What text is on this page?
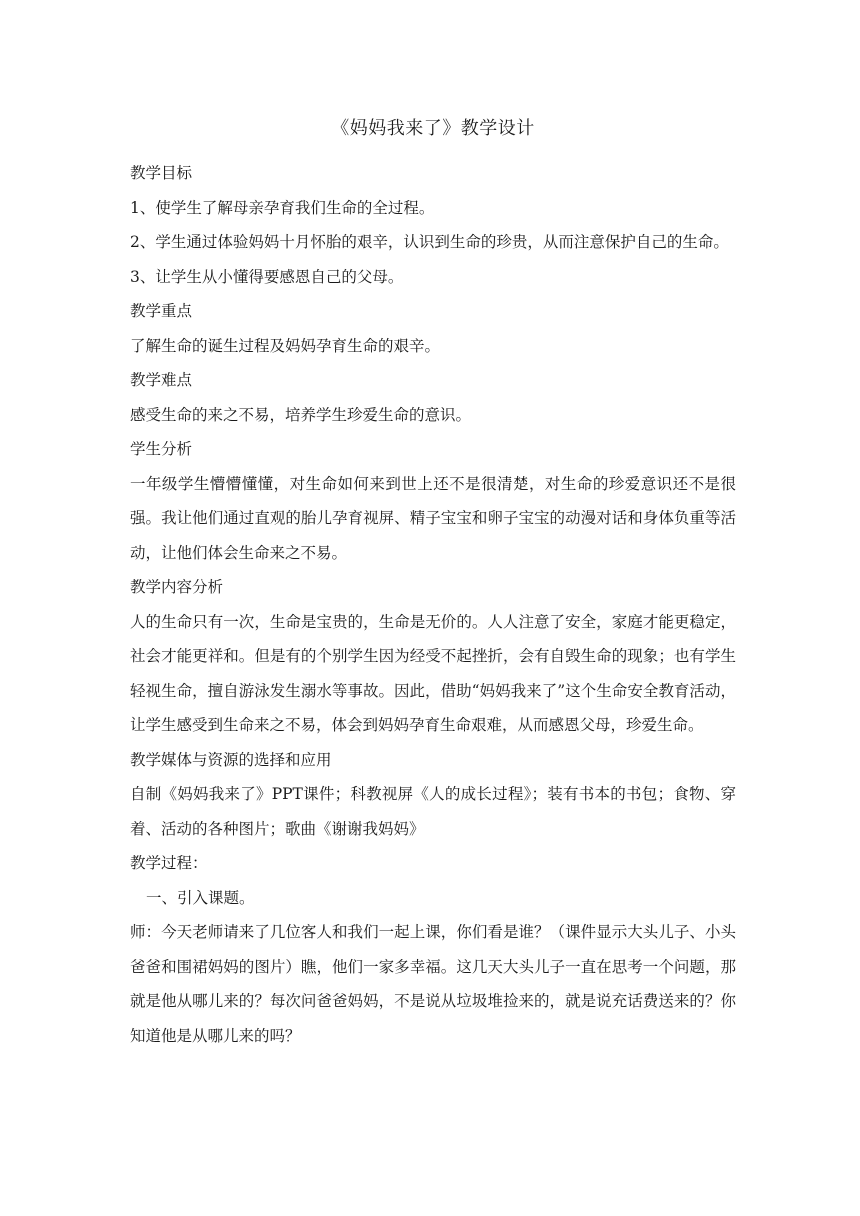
《妈妈我来了》教学设计

教学目标

1、使学生了解母亲孕育我们生命的全过程。

2、学生通过体验妈妈十月怀胎的艰辛，认识到生命的珍贵，从而注意保护自己的生命。

3、让学生从小懂得要感恩自己的父母。

教学重点

了解生命的诞生过程及妈妈孕育生命的艰辛。

教学难点

感受生命的来之不易，培养学生珍爱生命的意识。

学生分析

一年级学生懵懵懂懂，对生命如何来到世上还不是很清楚，对生命的珍爱意识还不是很强。我让他们通过直观的胎儿孕育视屏、精子宝宝和卵子宝宝的动漫对话和身体负重等活动，让他们体会生命来之不易。

教学内容分析

人的生命只有一次，生命是宝贵的，生命是无价的。人人注意了安全，家庭才能更稳定，社会才能更祥和。但是有的个别学生因为经受不起挫折，会有自毁生命的现象；也有学生轻视生命，擅自游泳发生溺水等事故。因此，借助“妈妈我来了”这个生命安全教育活动，让学生感受到生命来之不易，体会到妈妈孕育生命艰难，从而感恩父母，珍爱生命。

教学媒体与资源的选择和应用

自制《妈妈我来了》PPT课件；科教视屏《人的成长过程》；装有书本的书包；食物、穿着、活动的各种图片；歌曲《谢谢我妈妈》

教学过程：

一、引入课题。

师：今天老师请来了几位客人和我们一起上课，你们看是谁？（课件显示大头儿子、小头爸爸和围裙妈妈的图片）瞧，他们一家多幸福。这几天大头儿子一直在思考一个问题，那就是他从哪儿来的？每次问爸爸妈妈，不是说从垃圾堆捡来的，就是说充话费送来的？你知道他是从哪儿来的吗？
